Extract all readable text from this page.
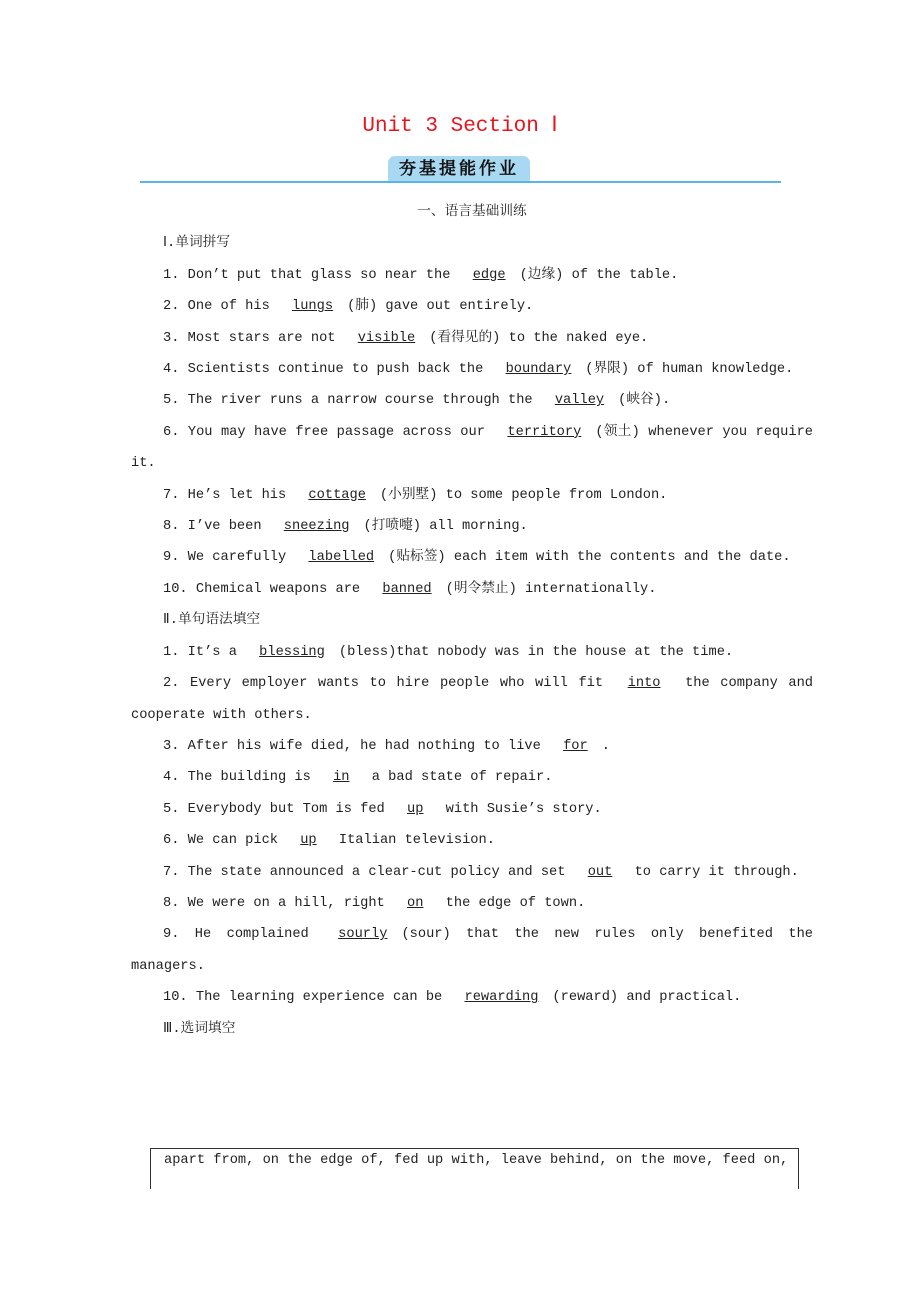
Unit 3 Section Ⅰ
夯基提能作业
一、语言基础训练
Ⅰ.单词拼写
1. Don’t put that glass so near the edge (边缘) of the table.
2. One of his lungs (肺) gave out entirely.
3. Most stars are not visible (看得见的) to the naked eye.
4. Scientists continue to push back the boundary (界限) of human knowledge.
5. The river runs a narrow course through the valley (峡谷).
6. You may have free passage across our territory (领土) whenever you require it.
7. He’s let his cottage (小别墅) to some people from London.
8. I’ve been sneezing (打喷嚏) all morning.
9. We carefully labelled (贴标签) each item with the contents and the date.
10. Chemical weapons are banned (明令禁止) internationally.
Ⅱ.单句语法填空
1. It’s a blessing (bless)that nobody was in the house at the time.
2. Every employer wants to hire people who will fit into the company and cooperate with others.
3. After his wife died, he had nothing to live for .
4. The building is in a bad state of repair.
5. Everybody but Tom is fed up with Susie’s story.
6. We can pick up Italian television.
7. The state announced a clear-cut policy and set out to carry it through.
8. We were on a hill, right on the edge of town.
9. He complained sourly (sour) that the new rules only benefited the managers.
10. The learning experience can be rewarding (reward) and practical.
Ⅲ.选词填空
apart from, on the edge of, fed up with, leave behind, on the move, feed on,
